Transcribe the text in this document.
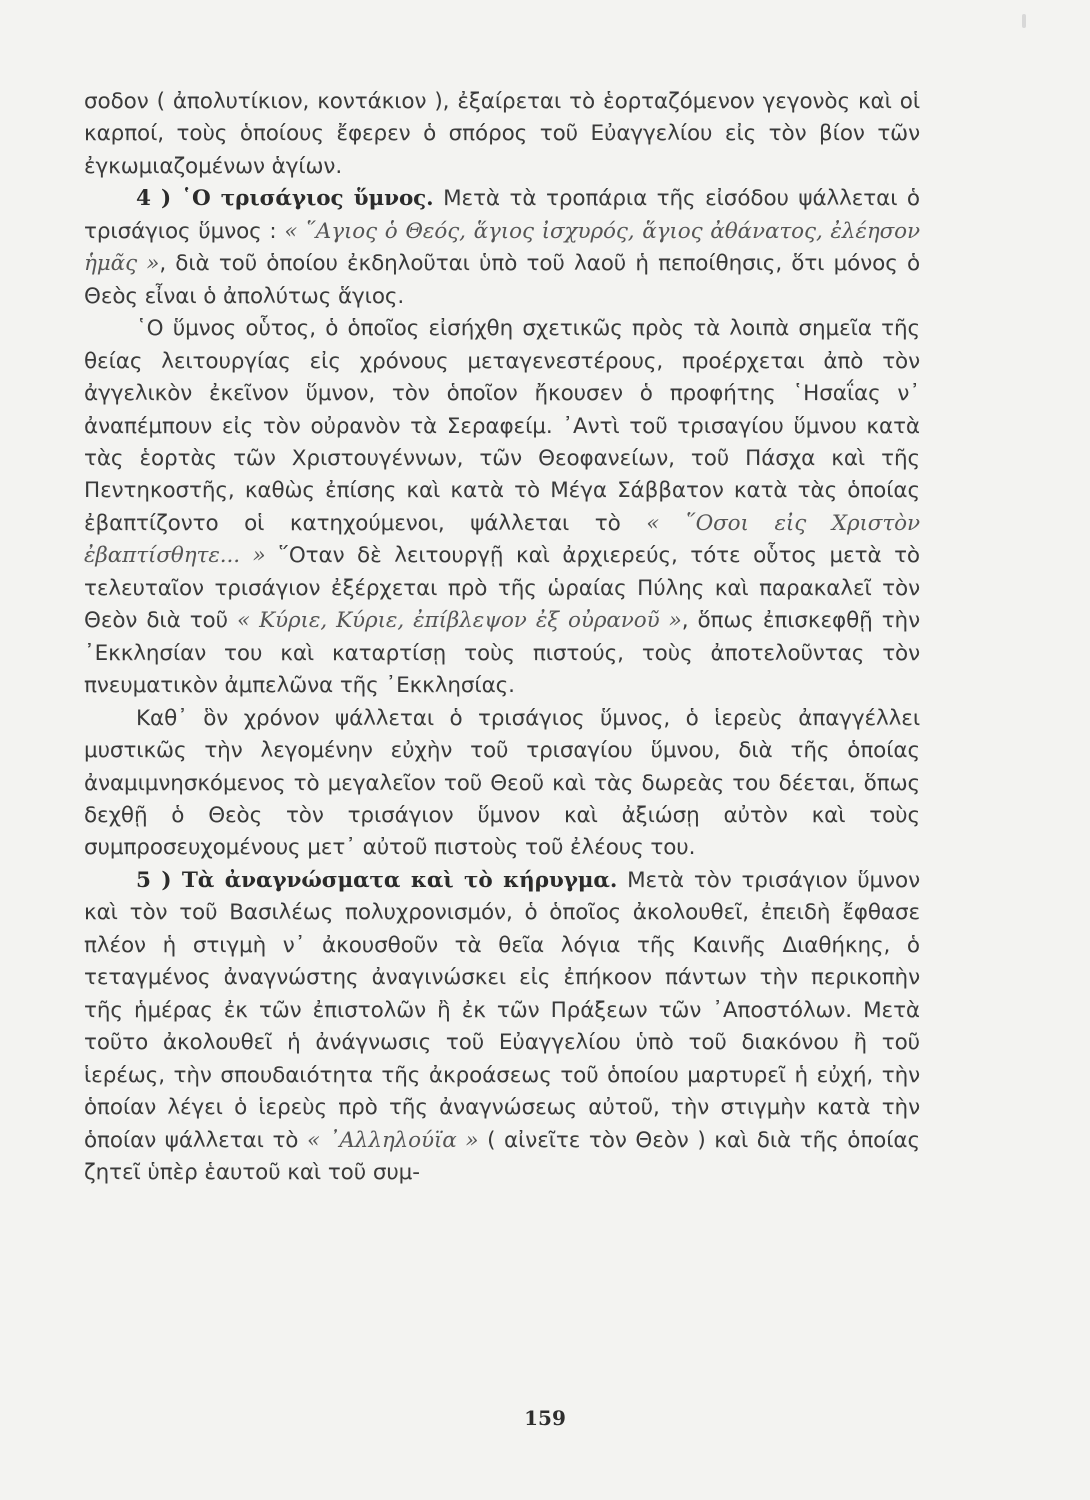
σοδον ( ἀπολυτίκιον, κοντάκιον ), ἐξαίρεται τὸ ἑορταζόμενον γεγονὸς καὶ οἱ καρποί, τοὺς ὁποίους ἔφερεν ὁ σπόρος τοῦ Εὐαγγελίου εἰς τὸν βίον τῶν ἐγκωμιαζομένων ἁγίων.

4 ) ῾Ο τρισάγιος ὕμνος. Μετὰ τὰ τροπάρια τῆς εἰσόδου ψάλλεται ὁ τρισάγιος ὕμνος : « ῞Αγιος ὁ Θεός, ἅγιος ἰσχυρός, ἅγιος ἀθάνατος, ἐλέησον ἡμᾶς », διὰ τοῦ ὁποίου ἐκδηλοῦται ὑπὸ τοῦ λαοῦ ἡ πεποίθησις, ὅτι μόνος ὁ Θεὸς εἶναι ὁ ἀπολύτως ἅγιος.

῾Ο ὕμνος οὗτος, ὁ ὁποῖος εἰσήχθη σχετικῶς πρὸς τὰ λοιπὰ σημεῖα τῆς θείας λειτουργίας εἰς χρόνους μεταγενεστέρους, προέρχεται ἀπὸ τὸν ἀγγελικὸν ἐκεῖνον ὕμνον, τὸν ὁποῖον ἤκουσεν ὁ προφήτης ῾Ησαΐας ν᾽ ἀναπέμπουν εἰς τὸν οὐρανὸν τὰ Σεραφείμ. ᾽Αντὶ τοῦ τρισαγίου ὕμνου κατὰ τὰς ἑορτὰς τῶν Χριστουγέννων, τῶν Θεοφανείων, τοῦ Πάσχα καὶ τῆς Πεντηκοστῆς, καθὼς ἐπίσης καὶ κατὰ τὸ Μέγα Σάββατον κατὰ τὰς ὁποίας ἐβαπτίζοντο οἱ κατηχούμενοι, ψάλλεται τὸ « ῞Οσοι εἰς Χριστὸν ἐβαπτίσθητε... » ῞Οταν δὲ λειτουργῇ καὶ ἀρχιερεύς, τότε οὗτος μετὰ τὸ τελευταῖον τρισάγιον ἐξέρχεται πρὸ τῆς ὡραίας Πύλης καὶ παρακαλεῖ τὸν Θεὸν διὰ τοῦ « Κύριε, Κύριε, ἐπίβλεψον ἐξ οὐρανοῦ », ὅπως ἐπισκεφθῇ τὴν ᾽Εκκλησίαν του καὶ καταρτίσῃ τοὺς πιστούς, τοὺς ἀποτελοῦντας τὸν πνευματικὸν ἀμπελῶνα τῆς ᾽Εκκλησίας.

Καθ᾽ ὃν χρόνον ψάλλεται ὁ τρισάγιος ὕμνος, ὁ ἱερεὺς ἀπαγγέλλει μυστικῶς τὴν λεγομένην εὐχὴν τοῦ τρισαγίου ὕμνου, διὰ τῆς ὁποίας ἀναμιμνησκόμενος τὸ μεγαλεῖον τοῦ Θεοῦ καὶ τὰς δωρεὰς του δέεται, ὅπως δεχθῇ ὁ Θεὸς τὸν τρισάγιον ὕμνον καὶ ἀξιώσῃ αὐτὸν καὶ τοὺς συμπροσευχομένους μετ᾽ αὐτοῦ πιστοὺς τοῦ ἐλέους του.

5 ) Τὰ ἀναγνώσματα καὶ τὸ κήρυγμα. Μετὰ τὸν τρισάγιον ὕμνον καὶ τὸν τοῦ Βασιλέως πολυχρονισμόν, ὁ ὁποῖος ἀκολουθεῖ, ἐπειδὴ ἔφθασε πλέον ἡ στιγμὴ ν᾽ ἀκουσθοῦν τὰ θεῖα λόγια τῆς Καινῆς Διαθήκης, ὁ τεταγμένος ἀναγνώστης ἀναγινώσκει εἰς ἐπήκοον πάντων τὴν περικοπὴν τῆς ἡμέρας ἐκ τῶν ἐπιστολῶν ἢ ἐκ τῶν Πράξεων τῶν ᾽Αποστόλων. Μετὰ τοῦτο ἀκολουθεῖ ἡ ἀνάγνωσις τοῦ Εὐαγγελίου ὑπὸ τοῦ διακόνου ἢ τοῦ ἱερέως, τὴν σπουδαιότητα τῆς ἀκροάσεως τοῦ ὁποίου μαρτυρεῖ ἡ εὐχή, τὴν ὁποίαν λέγει ὁ ἱερεὺς πρὸ τῆς ἀναγνώσεως αὐτοῦ, τὴν στιγμὴν κατὰ τὴν ὁποίαν ψάλλεται τὸ « ᾽Αλληλούϊα » ( αἰνεῖτε τὸν Θεὸν ) καὶ διὰ τῆς ὁποίας ζητεῖ ὑπὲρ ἑαυτοῦ καὶ τοῦ συμ-

159
